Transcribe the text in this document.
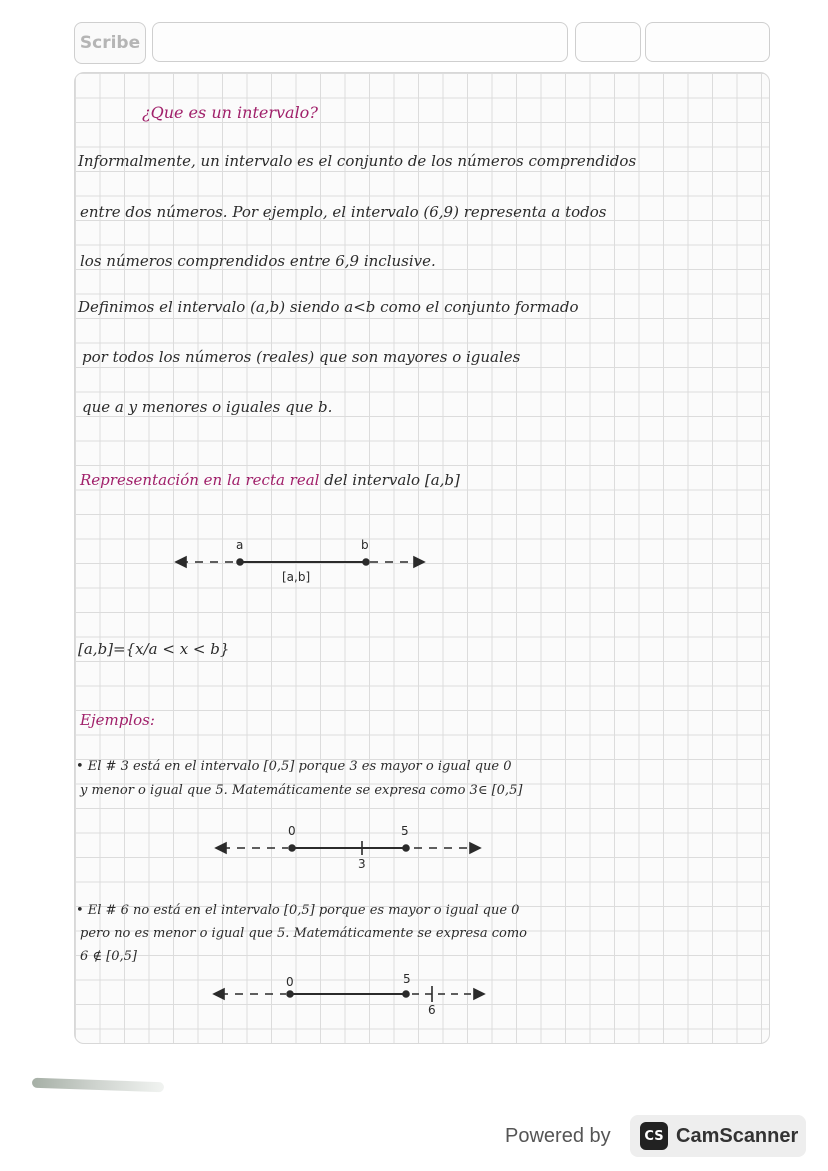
Scribe
¿Que es un intervalo?
Informalmente, un intervalo es el conjunto de los números comprendidos
entre dos números. Por ejemplo, el intervalo (6,9) representa a todos
los números comprendidos entre 6,9 inclusive.
Definimos el intervalo (a,b) siendo a<b como el conjunto formado
por todos los números (reales) que son mayores o iguales
que a y menores o iguales que b.
Representación en la recta real del intervalo [a,b]
a	b
[a,b]
[a,b]={x/a < x < b}
Ejemplos:
• El # 3 está en el intervalo [0,5] porque 3 es mayor o igual que 0
y menor o igual que 5. Matemáticamente se expresa como 3∈ [0,5]
0	5
3
• El # 6 no está en el intervalo [0,5] porque es mayor o igual que 0
pero no es menor o igual que 5. Matemáticamente se expresa como
6 ∉ [0,5]
0	5
6
Powered by	CS CamScanner
